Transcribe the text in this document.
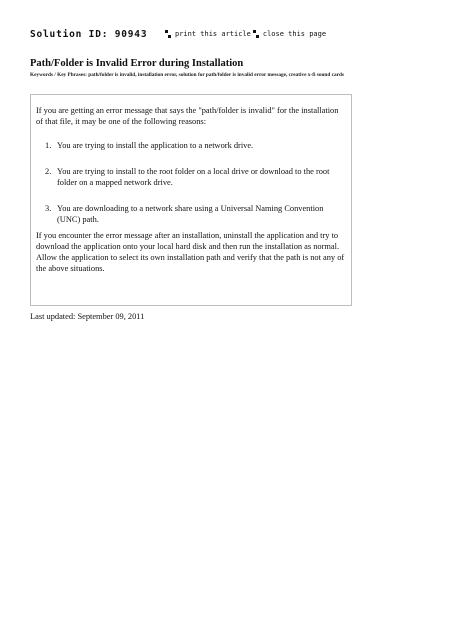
Solution ID: 90943	print this article close this page
Path/Folder is Invalid Error during Installation
Keywords / Key Phrases: path/folder is invalid, installation error, solution for path/folder is invalid error message, creative x-fi sound cards

If you are getting an error message that says the "path/folder is invalid" for the installation of that file, it may be one of the following reasons:

1. You are trying to install the application to a network drive.
2. You are trying to install to the root folder on a local drive or download to the root folder on a mapped network drive.
3. You are downloading to a network share using a Universal Naming Convention (UNC) path.

If you encounter the error message after an installation, uninstall the application and try to download the application onto your local hard disk and then run the installation as normal. Allow the application to select its own installation path and verify that the path is not any of the above situations.

Last updated: September 09, 2011
